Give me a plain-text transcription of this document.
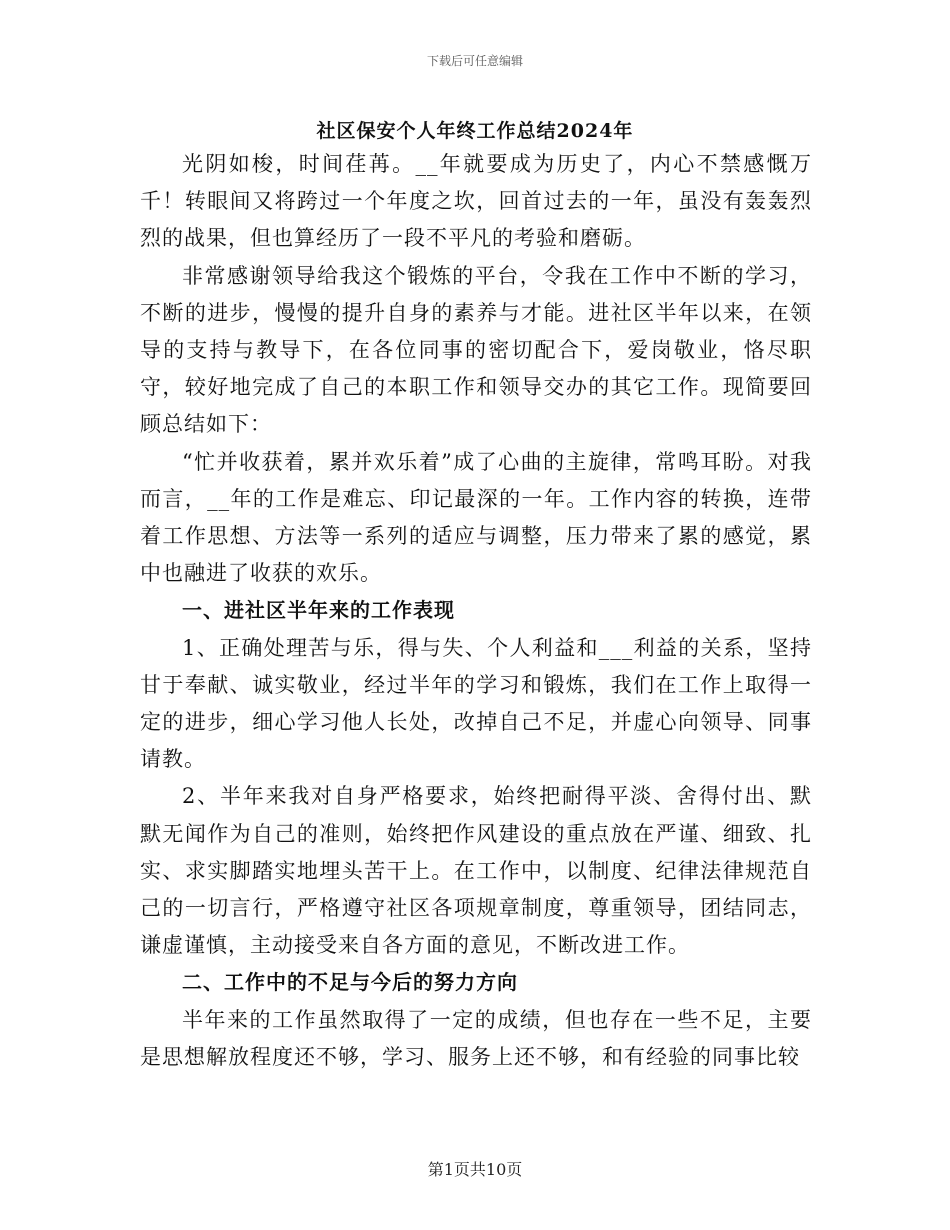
下载后可任意编辑
社区保安个人年终工作总结2024年

光阴如梭，时间荏苒。__年就要成为历史了，内心不禁感慨万千！转眼间又将跨过一个年度之坎，回首过去的一年，虽没有轰轰烈烈的战果，但也算经历了一段不平凡的考验和磨砺。

非常感谢领导给我这个锻炼的平台，令我在工作中不断的学习，不断的进步，慢慢的提升自身的素养与才能。进社区半年以来，在领导的支持与教导下，在各位同事的密切配合下，爱岗敬业，恪尽职守，较好地完成了自己的本职工作和领导交办的其它工作。现简要回顾总结如下：

“忙并收获着，累并欢乐着”成了心曲的主旋律，常鸣耳盼。对我而言，__年的工作是难忘、印记最深的一年。工作内容的转换，连带着工作思想、方法等一系列的适应与调整，压力带来了累的感觉，累中也融进了收获的欢乐。

一、进社区半年来的工作表现

1、正确处理苦与乐，得与失、个人利益和___利益的关系，坚持甘于奉献、诚实敬业，经过半年的学习和锻炼，我们在工作上取得一定的进步，细心学习他人长处，改掉自己不足，并虚心向领导、同事请教。

2、半年来我对自身严格要求，始终把耐得平淡、舍得付出、默默无闻作为自己的准则，始终把作风建设的重点放在严谨、细致、扎实、求实脚踏实地埋头苦干上。在工作中，以制度、纪律法律规范自己的一切言行，严格遵守社区各项规章制度，尊重领导，团结同志，谦虚谨慎，主动接受来自各方面的意见，不断改进工作。

二、工作中的不足与今后的努力方向

半年来的工作虽然取得了一定的成绩，但也存在一些不足，主要是思想解放程度还不够，学习、服务上还不够，和有经验的同事比较

第1页共10页
